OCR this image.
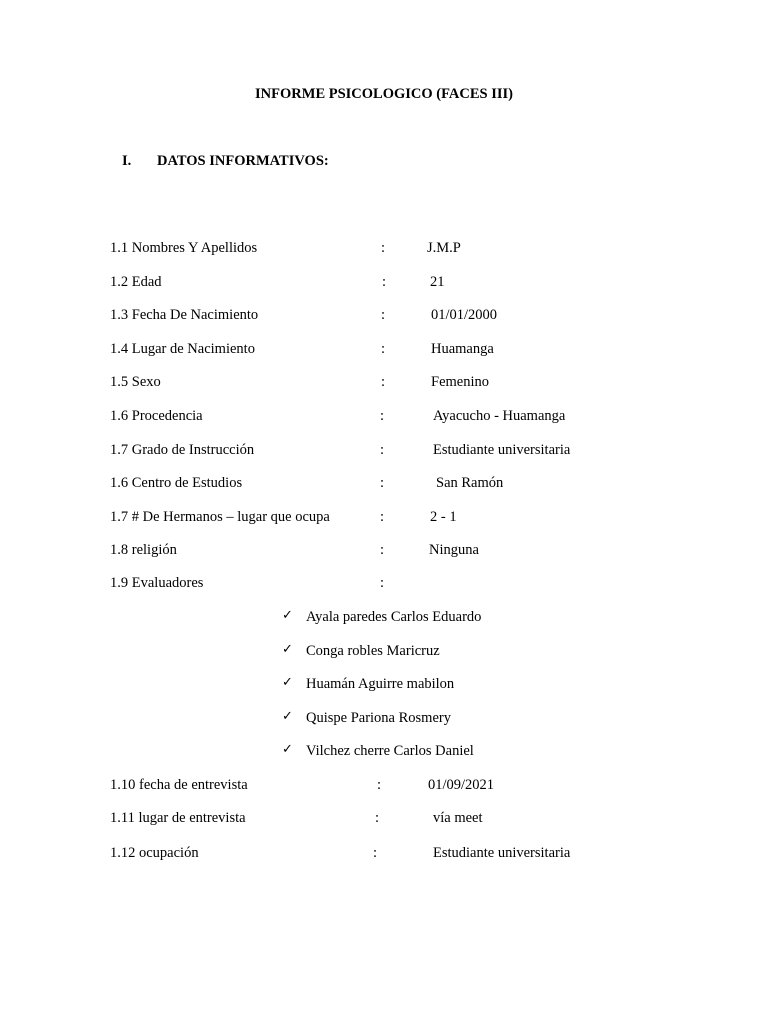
INFORME PSICOLOGICO (FACES III)
I. DATOS INFORMATIVOS:
1.1 Nombres Y Apellidos	:	J.M.P
1.2 Edad	:	21
1.3 Fecha De Nacimiento	:	01/01/2000
1.4 Lugar de Nacimiento	:	Huamanga
1.5 Sexo	:	Femenino
1.6 Procedencia	:	Ayacucho - Huamanga
1.7 Grado de Instrucción	:	Estudiante universitaria
1.6 Centro de Estudios	:	San Ramón
1.7 # De Hermanos – lugar que ocupa	:	2 - 1
1.8 religión	:	Ninguna
1.9 Evaluadores	:
✓ Ayala paredes Carlos Eduardo
✓ Conga robles Maricruz
✓ Huamán Aguirre mabilon
✓ Quispe Pariona Rosmery
✓ Vilchez cherre Carlos Daniel
1.10 fecha de entrevista	:	01/09/2021
1.11 lugar de entrevista	:	vía meet
1.12 ocupación	:	Estudiante universitaria
